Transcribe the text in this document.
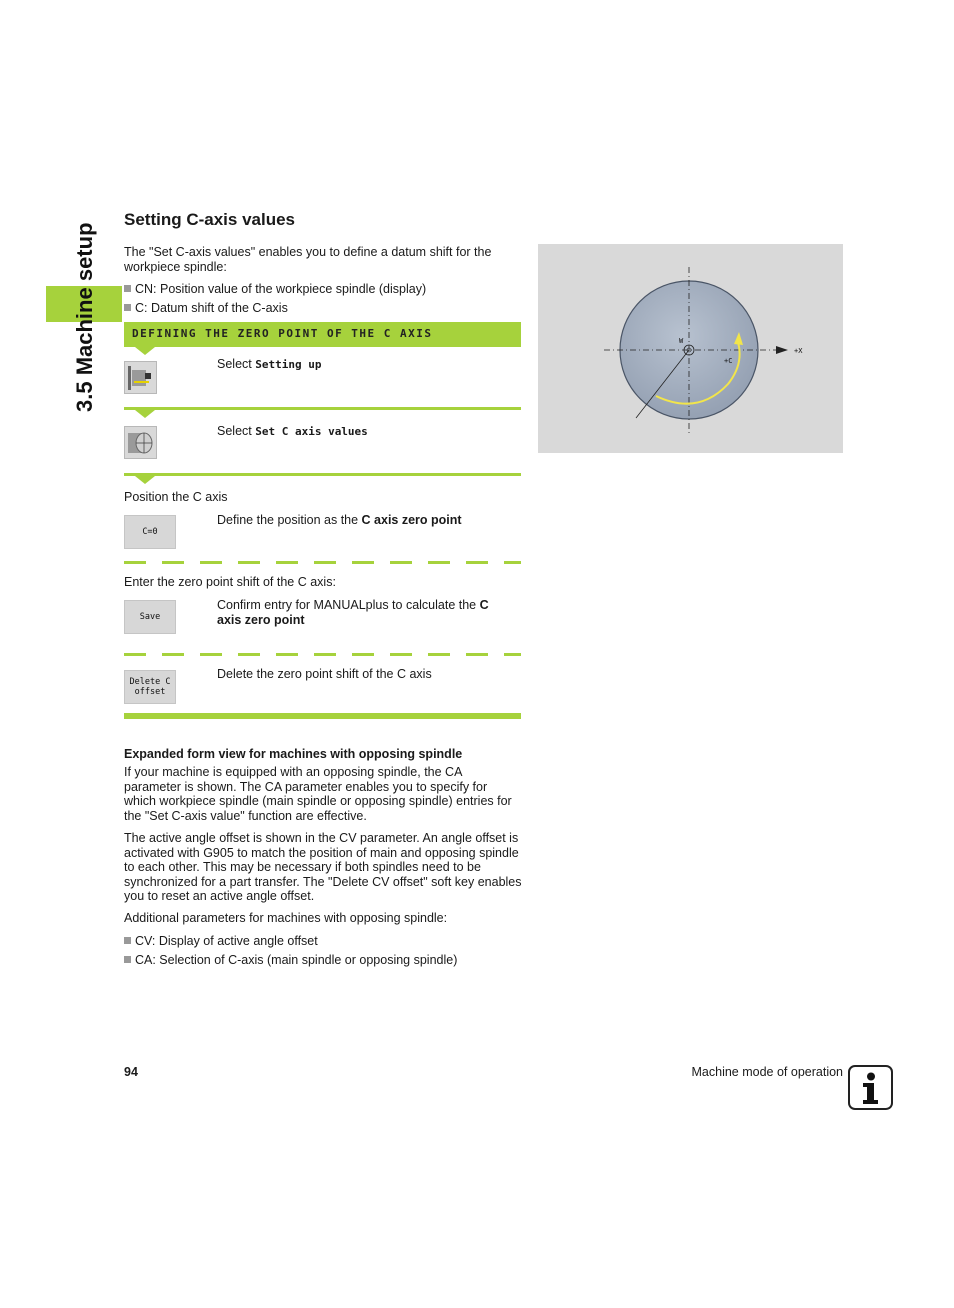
3.5 Machine setup
Setting C-axis values
The "Set C-axis values" enables you to define a datum shift for the workpiece spindle:
CN: Position value of the workpiece spindle (display)
C: Datum shift of the C-axis
DEFINING THE ZERO POINT OF THE C AXIS
Select Setting up
Select Set C axis values
Position the C axis
C=0
Define the position as the C axis zero point
Enter the zero point shift of the C axis:
Save
Confirm entry for MANUALplus to calculate the C
axis zero point
Delete C
offset
Delete the zero point shift of the C axis
Expanded form view for machines with opposing spindle
If your machine is equipped with an opposing spindle, the CA parameter is shown. The CA parameter enables you to specify for which workpiece spindle (main spindle or opposing spindle) entries for the "Set C-axis value" function are effective.
The active angle offset is shown in the CV parameter. An angle offset is activated with G905 to match the position of main and opposing spindle to each other. This may be necessary if both spindles need to be synchronized for a part transfer. The "Delete CV offset" soft key enables you to reset an active angle offset.
Additional parameters for machines with opposing spindle:
CV: Display of active angle offset
CA: Selection of C-axis (main spindle or opposing spindle)
W
+C
+X
94	Machine mode of operation
